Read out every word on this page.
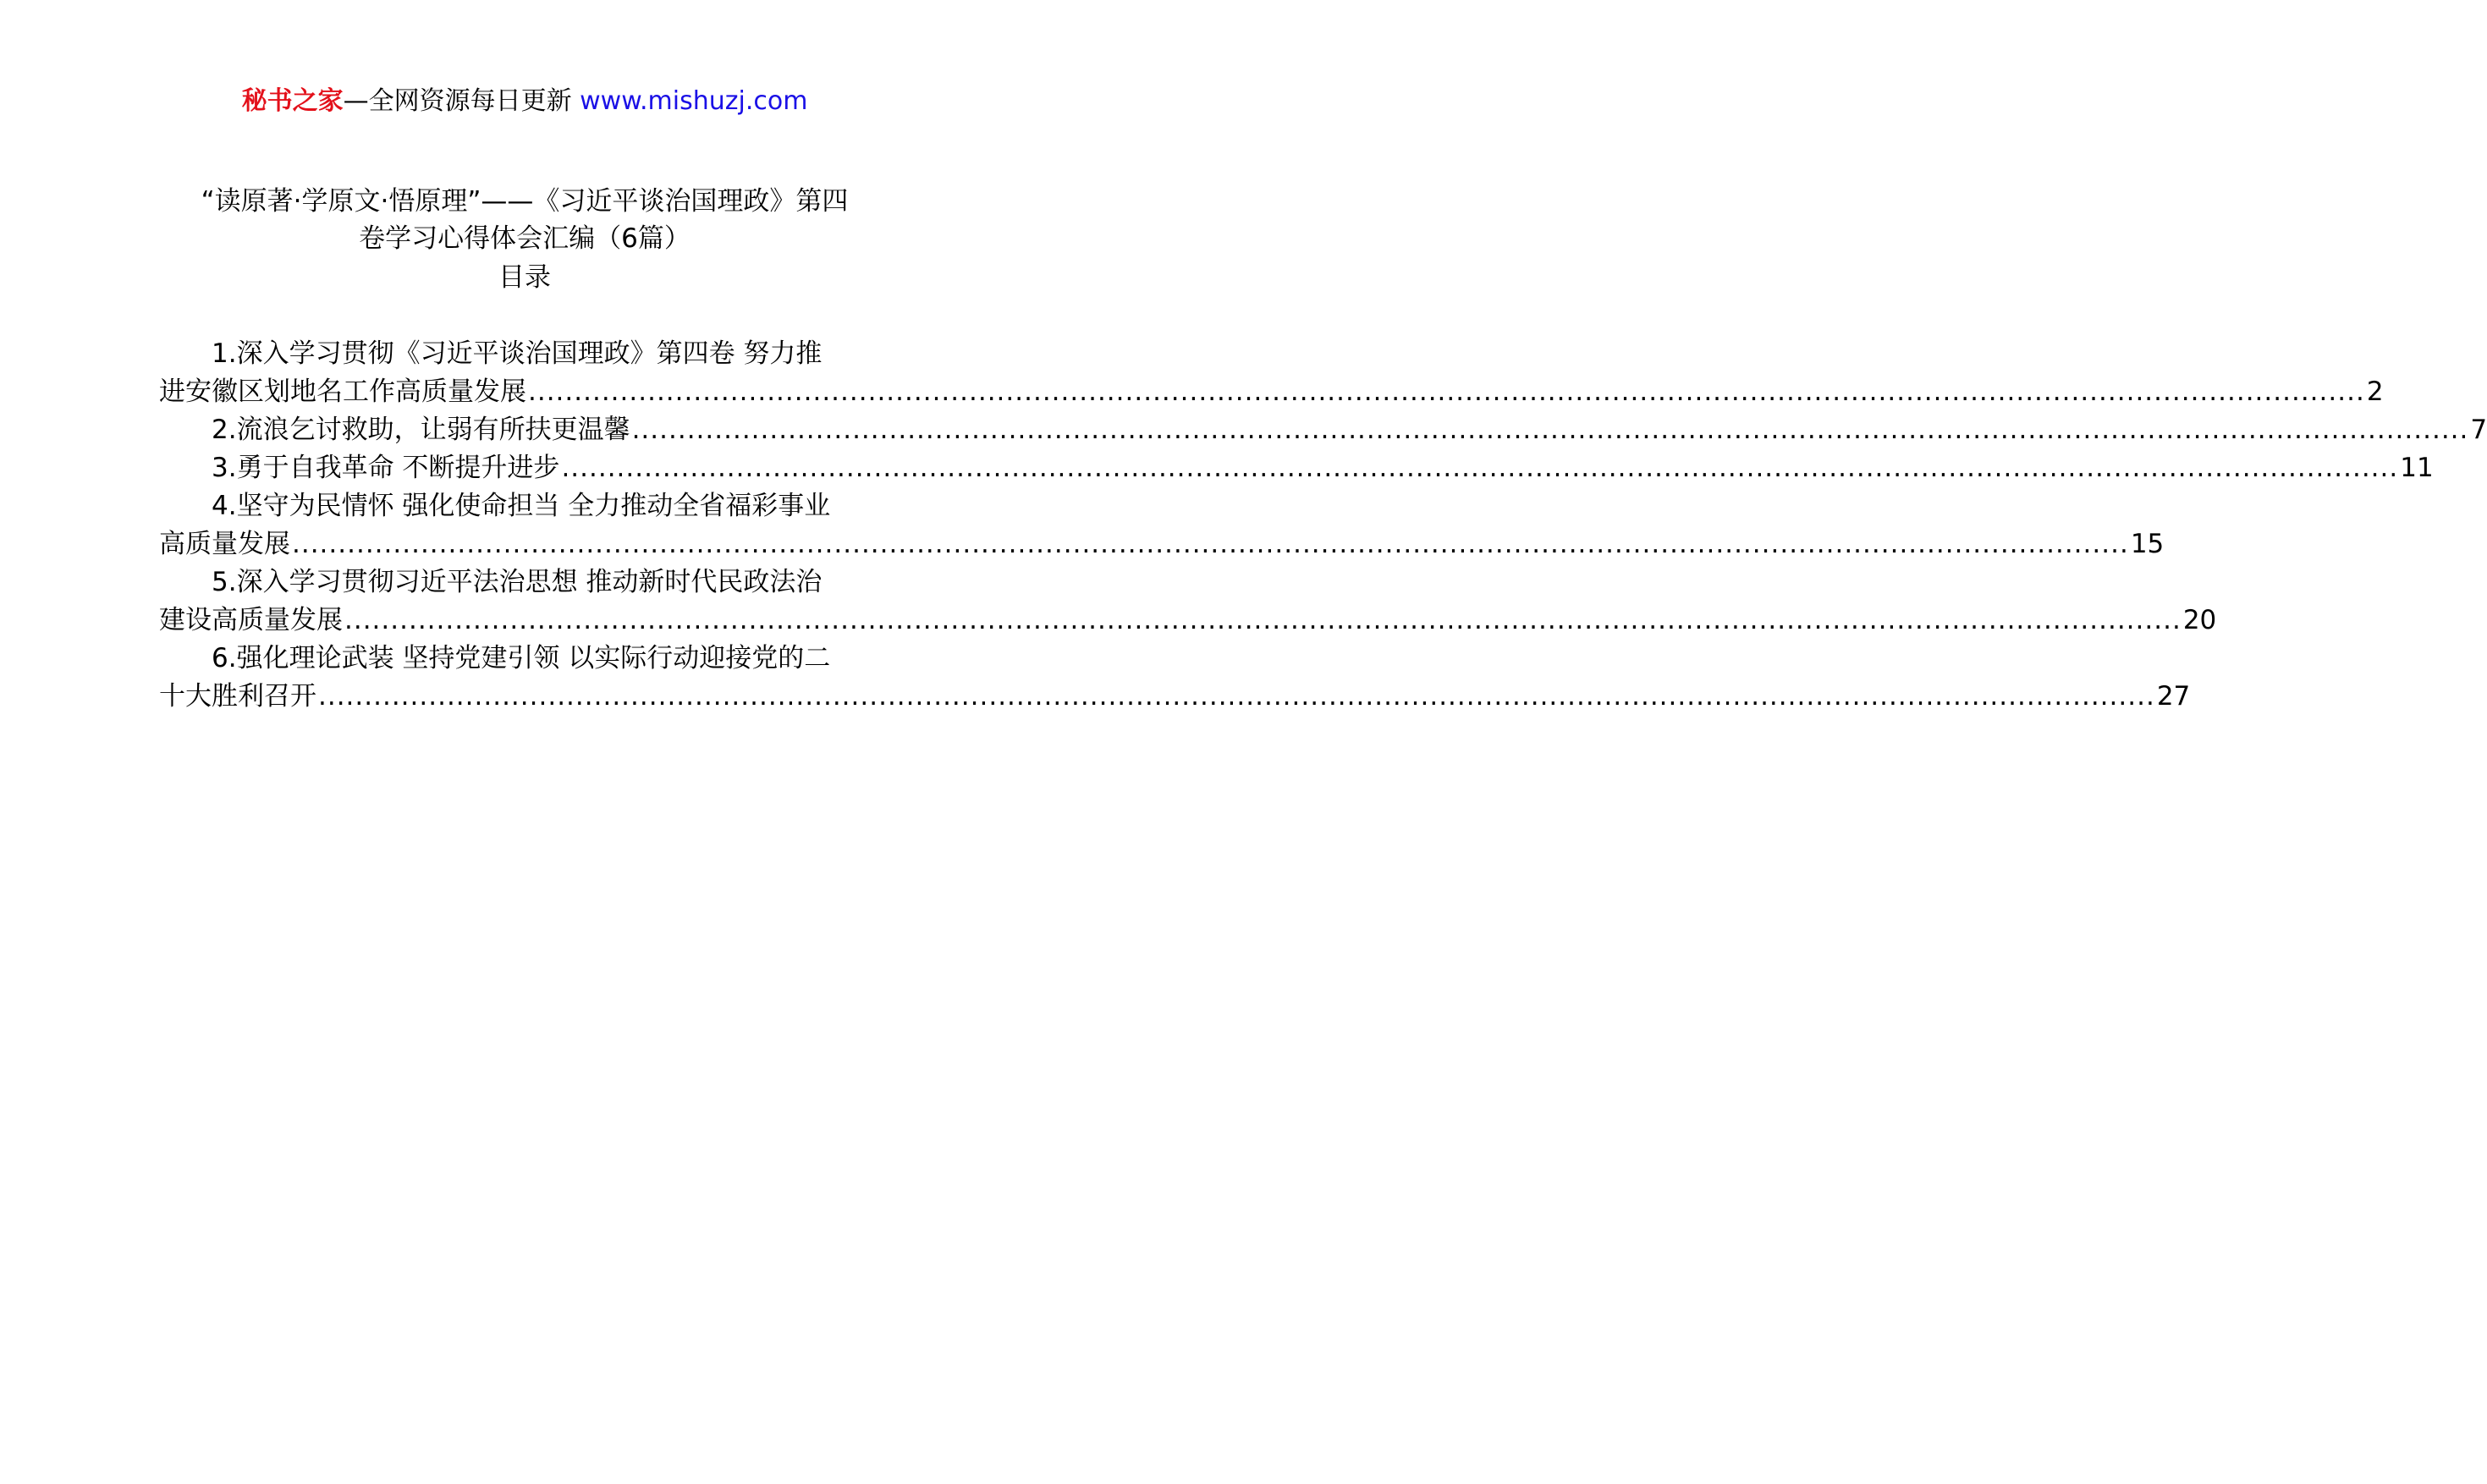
秘书之家—全网资源每日更新 www.mishuzj.com
“读原著·学原文·悟原理”——《习近平谈治国理政》第四
卷学习心得体会汇编（6篇）
目录
1.深入学习贯彻《习近平谈治国理政》第四卷 努力推
进安徽区划地名工作高质量发展 ........................................................................................................................................................................................................ 2
2.流浪乞讨救助，让弱有所扶更温馨 ........................................................................................................................................................................................................ 7
3.勇于自我革命 不断提升进步 ........................................................................................................................................................................................................ 11
4.坚守为民情怀 强化使命担当 全力推动全省福彩事业
高质量发展 ........................................................................................................................................................................................................ 15
5.深入学习贯彻习近平法治思想 推动新时代民政法治
建设高质量发展 ........................................................................................................................................................................................................ 20
6.强化理论武装 坚持党建引领 以实际行动迎接党的二
十大胜利召开 ........................................................................................................................................................................................................ 27
